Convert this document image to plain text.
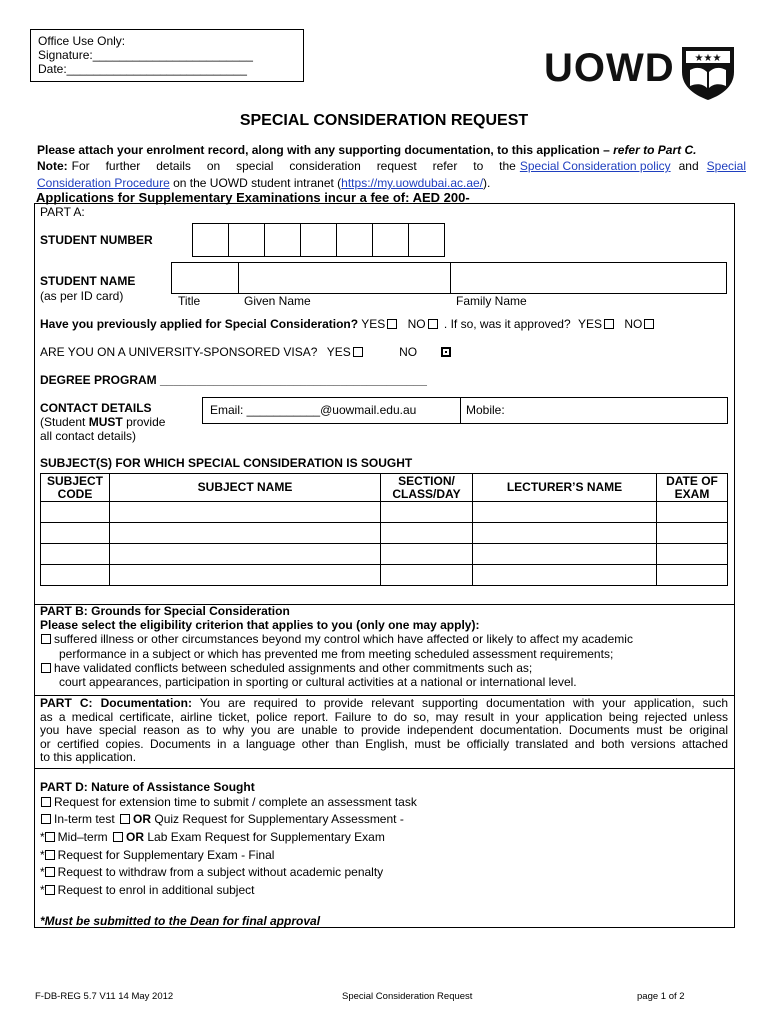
Office Use Only:
Signature:________________________
Date:___________________________	UOWD ★★★
SPECIAL CONSIDERATION REQUEST
Please attach your enrolment record, along with any supporting documentation, to this application – refer to Part C.
Note: For further details on special consideration request refer to the Special Consideration policy and Special
Consideration Procedure on the UOWD student intranet (https://my.uowdubai.ac.ae/).
Applications for Supplementary Examinations incur a fee of: AED 200-
PART A:
STUDENT NUMBER
STUDENT NAME
(as per ID card)	Title	Given Name	Family Name
Have you previously applied for Special Consideration? YES NO . If so, was it approved? YES NO
ARE YOU ON A UNIVERSITY-SPONSORED VISA? YES	NO
DEGREE PROGRAM ________________________________________
CONTACT DETAILS
(Student MUST provide
all contact details)
Email: ___________@uowmail.edu.au	Mobile:
SUBJECT(S) FOR WHICH SPECIAL CONSIDERATION IS SOUGHT
SUBJECT CODE	SUBJECT NAME	SECTION/ CLASS/DAY	LECTURER’S NAME	DATE OF EXAM

PART B: Grounds for Special Consideration
Please select the eligibility criterion that applies to you (only one may apply):
suffered illness or other circumstances beyond my control which have affected or likely to affect my academic
performance in a subject or which has prevented me from meeting scheduled assessment requirements;
have validated conflicts between scheduled assignments and other commitments such as;
court appearances, participation in sporting or cultural activities at a national or international level.
PART C: Documentation: You are required to provide relevant supporting documentation with your application, such
as a medical certificate, airline ticket, police report. Failure to do so, may result in your application being rejected unless
you have special reason as to why you are unable to provide independent documentation. Documents must be original
or certified copies. Documents in a language other than English, must be officially translated and both versions attached
to this application.
PART D: Nature of Assistance Sought
Request for extension time to submit / complete an assessment task
In-term test OR Quiz Request for Supplementary Assessment -
* Mid–term OR Lab Exam Request for Supplementary Exam
* Request for Supplementary Exam - Final
* Request to withdraw from a subject without academic penalty
* Request to enrol in additional subject
*Must be submitted to the Dean for final approval
F-DB-REG 5.7 V11 14 May 2012	Special Consideration Request	page 1 of 2
